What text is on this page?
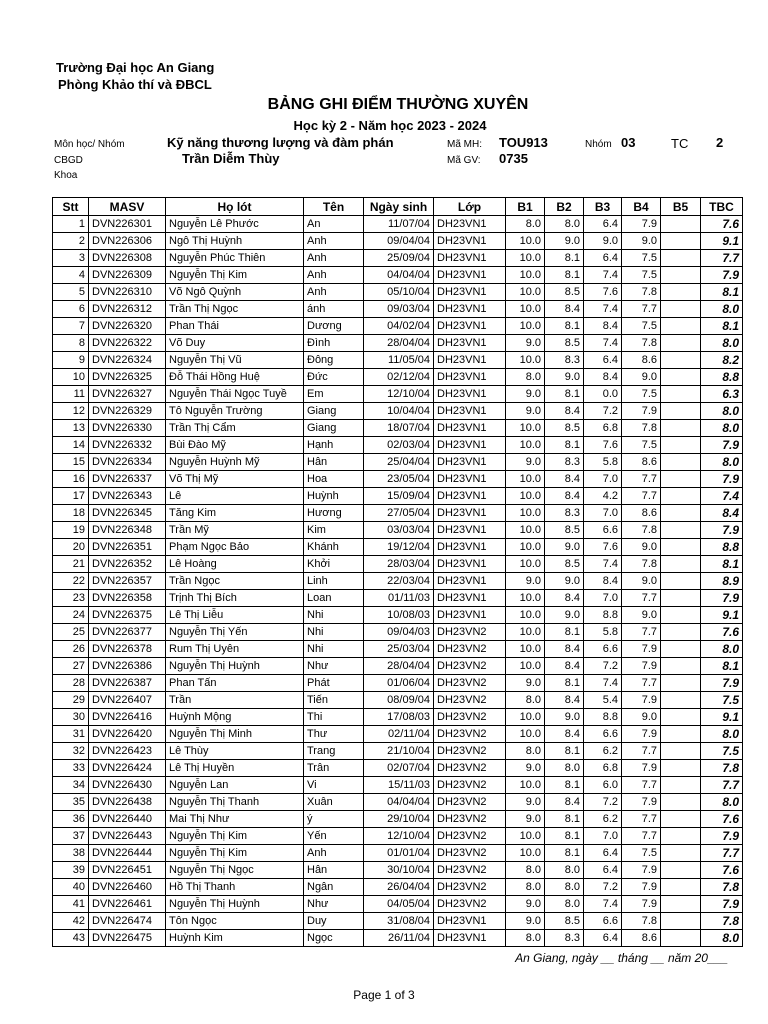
Trường Đại học An Giang
Phòng Khảo thí và ĐBCL
BẢNG GHI ĐIỂM THƯỜNG XUYÊN
Học kỳ 2 - Năm học 2023 - 2024
Môn học/ Nhóm	Kỹ năng thương lượng và đàm phán	Mã MH: TOU913	Nhóm 03	TC 2
CBGD	Trần Diễm Thùy	Mã GV: 0735
Khoa
Stt	MASV	Họ lót	Tên	Ngày sinh	Lớp	B1	B2	B3	B4	B5	TBC
1	DVN226301	Nguyễn Lê Phước	An	11/07/04	DH23VN1	8.0	8.0	6.4	7.9		7.6
2	DVN226306	Ngô Thị Huỳnh	Anh	09/04/04	DH23VN1	10.0	9.0	9.0	9.0		9.1
3	DVN226308	Nguyễn Phúc Thiên	Anh	25/09/04	DH23VN1	10.0	8.1	6.4	7.5		7.7
4	DVN226309	Nguyễn Thị Kim	Anh	04/04/04	DH23VN1	10.0	8.1	7.4	7.5		7.9
5	DVN226310	Võ Ngô Quỳnh	Anh	05/10/04	DH23VN1	10.0	8.5	7.6	7.8		8.1
6	DVN226312	Trần Thị Ngọc	ánh	09/03/04	DH23VN1	10.0	8.4	7.4	7.7		8.0
7	DVN226320	Phan Thái	Dương	04/02/04	DH23VN1	10.0	8.1	8.4	7.5		8.1
8	DVN226322	Võ Duy	Đình	28/04/04	DH23VN1	9.0	8.5	7.4	7.8		8.0
9	DVN226324	Nguyễn Thị Vũ	Đông	11/05/04	DH23VN1	10.0	8.3	6.4	8.6		8.2
10	DVN226325	Đỗ Thái Hồng Huệ	Đức	02/12/04	DH23VN1	8.0	9.0	8.4	9.0		8.8
11	DVN226327	Nguyễn Thái Ngọc Tuyề	Em	12/10/04	DH23VN1	9.0	8.1	0.0	7.5		6.3
12	DVN226329	Tô Nguyễn Trường	Giang	10/04/04	DH23VN1	9.0	8.4	7.2	7.9		8.0
13	DVN226330	Trần Thị Cẩm	Giang	18/07/04	DH23VN1	10.0	8.5	6.8	7.8		8.0
14	DVN226332	Bùi Đào Mỹ	Hạnh	02/03/04	DH23VN1	10.0	8.1	7.6	7.5		7.9
15	DVN226334	Nguyễn Huỳnh Mỹ	Hân	25/04/04	DH23VN1	9.0	8.3	5.8	8.6		8.0
16	DVN226337	Võ Thị Mỹ	Hoa	23/05/04	DH23VN1	10.0	8.4	7.0	7.7		7.9
17	DVN226343	Lê	Huỳnh	15/09/04	DH23VN1	10.0	8.4	4.2	7.7		7.4
18	DVN226345	Tăng Kim	Hương	27/05/04	DH23VN1	10.0	8.3	7.0	8.6		8.4
19	DVN226348	Trần Mỹ	Kim	03/03/04	DH23VN1	10.0	8.5	6.6	7.8		7.9
20	DVN226351	Phạm Ngọc Bảo	Khánh	19/12/04	DH23VN1	10.0	9.0	7.6	9.0		8.8
21	DVN226352	Lê Hoàng	Khởi	28/03/04	DH23VN1	10.0	8.5	7.4	7.8		8.1
22	DVN226357	Trần Ngọc	Linh	22/03/04	DH23VN1	9.0	9.0	8.4	9.0		8.9
23	DVN226358	Trịnh Thị Bích	Loan	01/11/03	DH23VN1	10.0	8.4	7.0	7.7		7.9
24	DVN226375	Lê Thị Liễu	Nhi	10/08/03	DH23VN1	10.0	9.0	8.8	9.0		9.1
25	DVN226377	Nguyễn Thị Yến	Nhi	09/04/03	DH23VN2	10.0	8.1	5.8	7.7		7.6
26	DVN226378	Rum Thị Uyên	Nhi	25/03/04	DH23VN2	10.0	8.4	6.6	7.9		8.0
27	DVN226386	Nguyễn Thị Huỳnh	Như	28/04/04	DH23VN2	10.0	8.4	7.2	7.9		8.1
28	DVN226387	Phan Tấn	Phát	01/06/04	DH23VN2	9.0	8.1	7.4	7.7		7.9
29	DVN226407	Trần	Tiến	08/09/04	DH23VN2	8.0	8.4	5.4	7.9		7.5
30	DVN226416	Huỳnh Mộng	Thi	17/08/03	DH23VN2	10.0	9.0	8.8	9.0		9.1
31	DVN226420	Nguyễn Thị Minh	Thư	02/11/04	DH23VN2	10.0	8.4	6.6	7.9		8.0
32	DVN226423	Lê Thùy	Trang	21/10/04	DH23VN2	8.0	8.1	6.2	7.7		7.5
33	DVN226424	Lê Thị Huyền	Trân	02/07/04	DH23VN2	9.0	8.0	6.8	7.9		7.8
34	DVN226430	Nguyễn Lan	Vi	15/11/03	DH23VN2	10.0	8.1	6.0	7.7		7.7
35	DVN226438	Nguyễn Thị Thanh	Xuân	04/04/04	DH23VN2	9.0	8.4	7.2	7.9		8.0
36	DVN226440	Mai Thị Như	ý	29/10/04	DH23VN2	9.0	8.1	6.2	7.7		7.6
37	DVN226443	Nguyễn Thị Kim	Yến	12/10/04	DH23VN2	10.0	8.1	7.0	7.7		7.9
38	DVN226444	Nguyễn Thị Kim	Anh	01/01/04	DH23VN2	10.0	8.1	6.4	7.5		7.7
39	DVN226451	Nguyễn Thị Ngọc	Hân	30/10/04	DH23VN2	8.0	8.0	6.4	7.9		7.6
40	DVN226460	Hồ Thị Thanh	Ngân	26/04/04	DH23VN2	8.0	8.0	7.2	7.9		7.8
41	DVN226461	Nguyễn Thị Huỳnh	Như	04/05/04	DH23VN2	9.0	8.0	7.4	7.9		7.9
42	DVN226474	Tôn Ngọc	Duy	31/08/04	DH23VN1	9.0	8.5	6.6	7.8		7.8
43	DVN226475	Huỳnh Kim	Ngọc	26/11/04	DH23VN1	8.0	8.3	6.4	8.6		8.0
An Giang, ngày __ tháng __ năm 20___
Page 1 of 3
